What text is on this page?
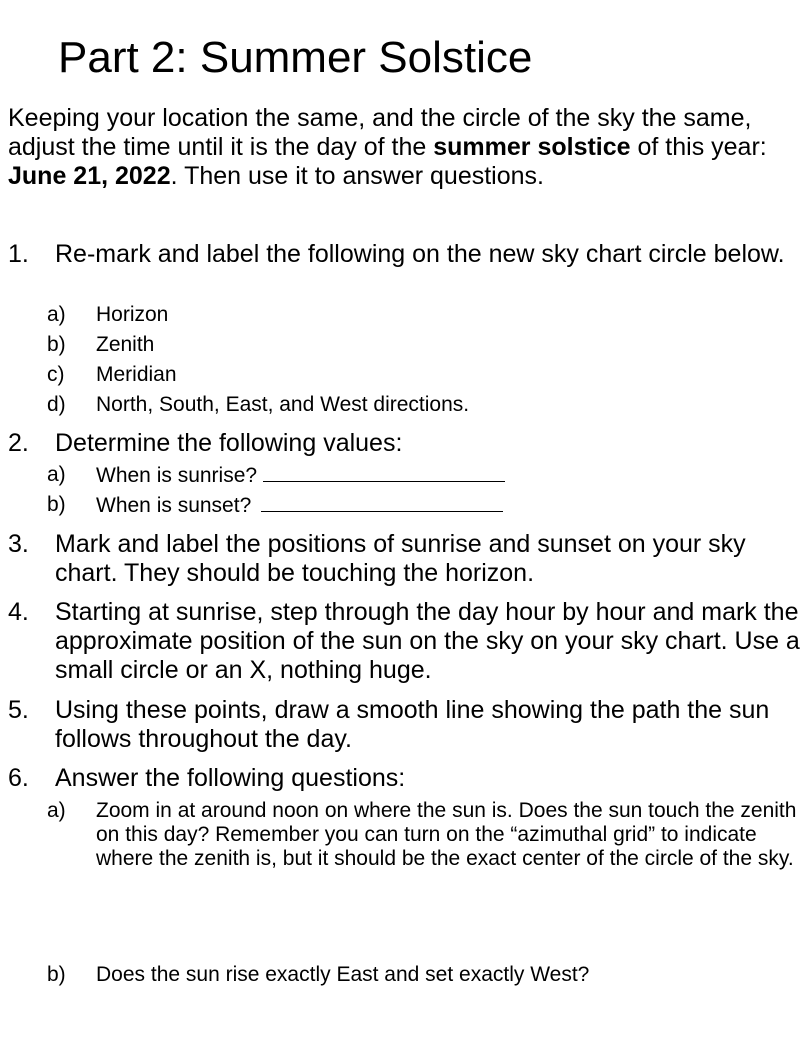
Part 2: Summer Solstice
Keeping your location the same, and the circle of the sky the same, adjust the time until it is the day of the summer solstice of this year: June 21, 2022. Then use it to answer questions.
1. Re-mark and label the following on the new sky chart circle below.
a) Horizon
b) Zenith
c) Meridian
d) North, South, East, and West directions.
2. Determine the following values:
a) When is sunrise?
b) When is sunset?
3. Mark and label the positions of sunrise and sunset on your sky chart. They should be touching the horizon.
4. Starting at sunrise, step through the day hour by hour and mark the approximate position of the sun on the sky on your sky chart. Use a small circle or an X, nothing huge.
5. Using these points, draw a smooth line showing the path the sun follows throughout the day.
6. Answer the following questions:
a) Zoom in at around noon on where the sun is. Does the sun touch the zenith on this day? Remember you can turn on the “azimuthal grid” to indicate where the zenith is, but it should be the exact center of the circle of the sky.
b) Does the sun rise exactly East and set exactly West?
